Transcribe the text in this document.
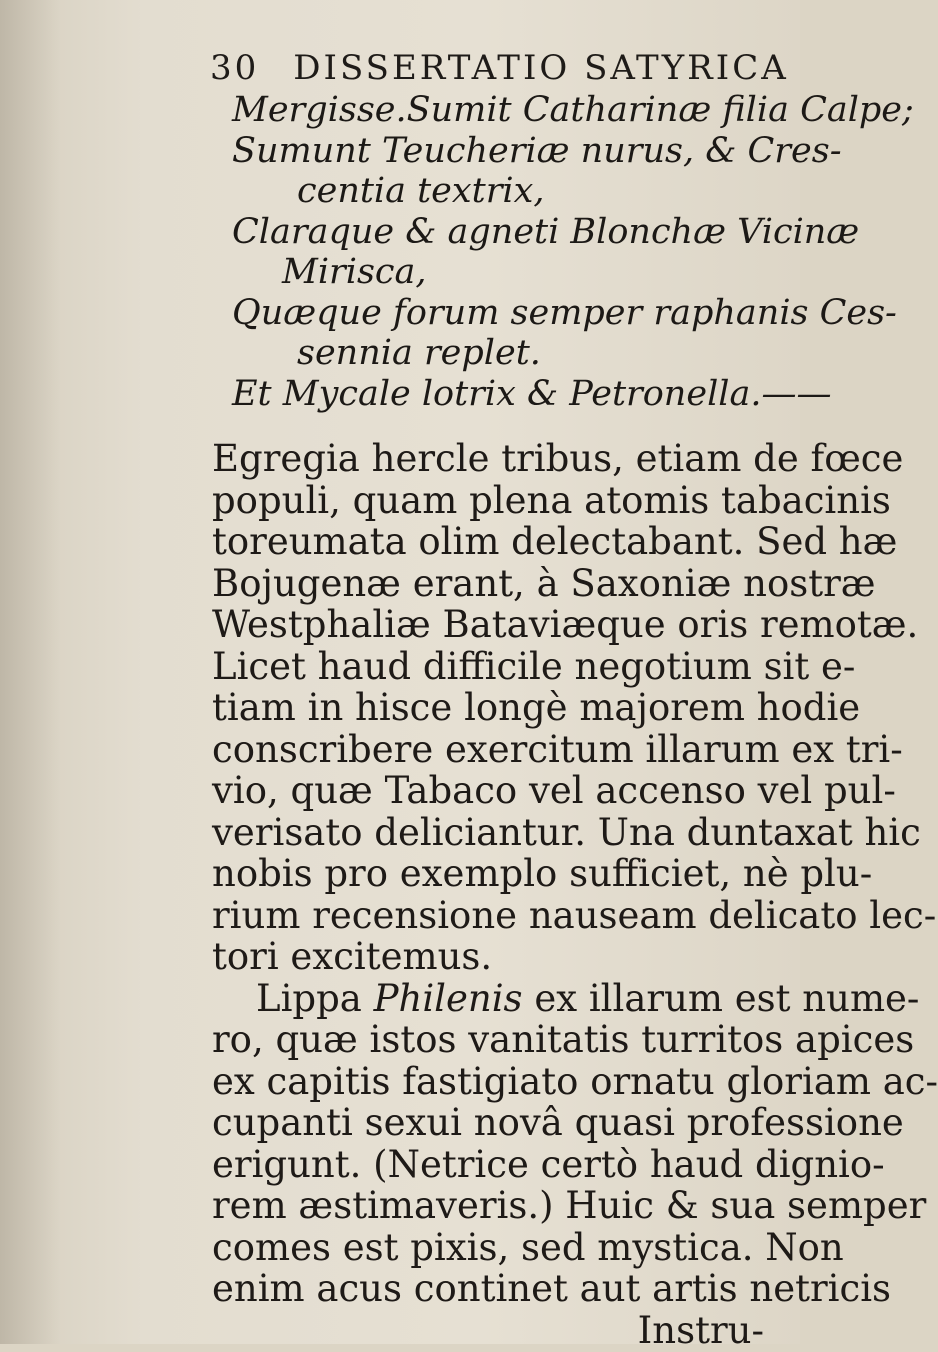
30 DISSERTATIO SATYRICA
Mergisse.Sumit Catharinæ filia Calpe;
Sumunt Teucheriæ nurus, & Cres-
centia textrix,
Claraque & agneti Blonchæ Vicinæ
Mirisca,
Quæque forum semper raphanis Ces-
sennia replet.
Et Mycale lotrix & Petronella.——
Egregia hercle tribus, etiam de fœce
populi, quam plena atomis tabacinis
toreumata olim delectabant. Sed hæ
Bojugenæ erant, à Saxoniæ nostræ
Westphaliæ Bataviæque oris remotæ.
Licet haud difficile negotium sit e-
tiam in hisce longè majorem hodie
conscribere exercitum illarum ex tri-
vio, quæ Tabaco vel accenso vel pul-
verisato deliciantur. Una duntaxat hic
nobis pro exemplo sufficiet, nè plu-
rium recensione nauseam delicato lec-
tori excitemus.
Lippa Philenis ex illarum est nume-
ro, quæ istos vanitatis turritos apices
ex capitis fastigiato ornatu gloriam ac-
cupanti sexui novâ quasi professione
erigunt. (Netrice certò haud dignio-
rem æstimaveris.) Huic & sua semper
comes est pixis, sed mystica. Non
enim acus continet aut artis netricis
Instru-
